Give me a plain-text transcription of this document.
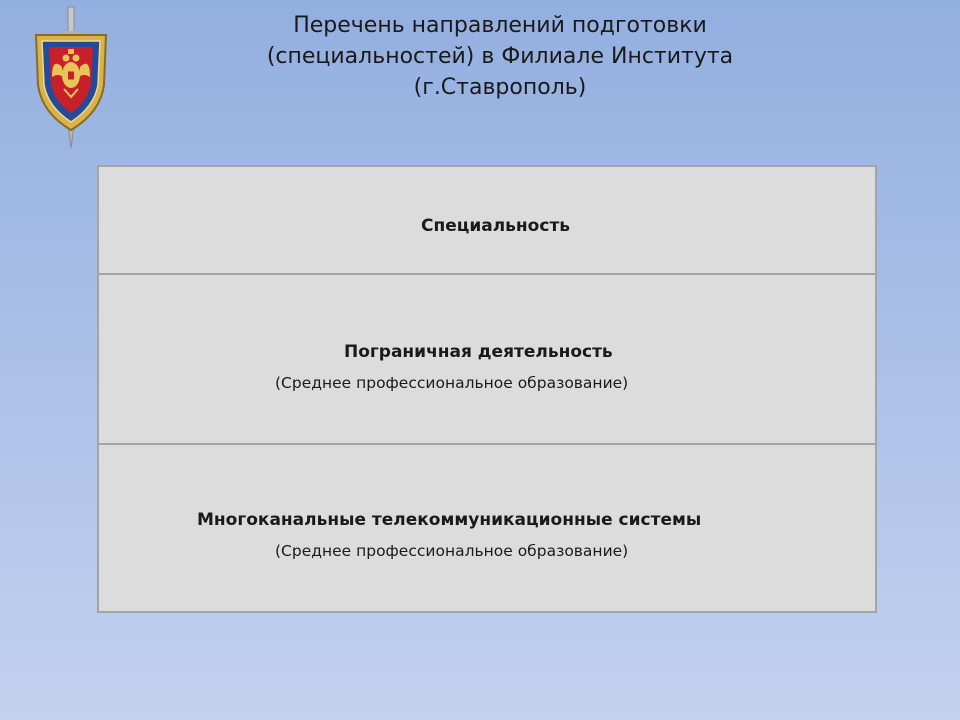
Перечень направлений подготовки
(специальностей) в Филиале Института
(г.Ставрополь)
Специальность
Пограничная деятельность
(Среднее профессиональное образование)
Многоканальные телекоммуникационные системы
(Среднее профессиональное образование)
